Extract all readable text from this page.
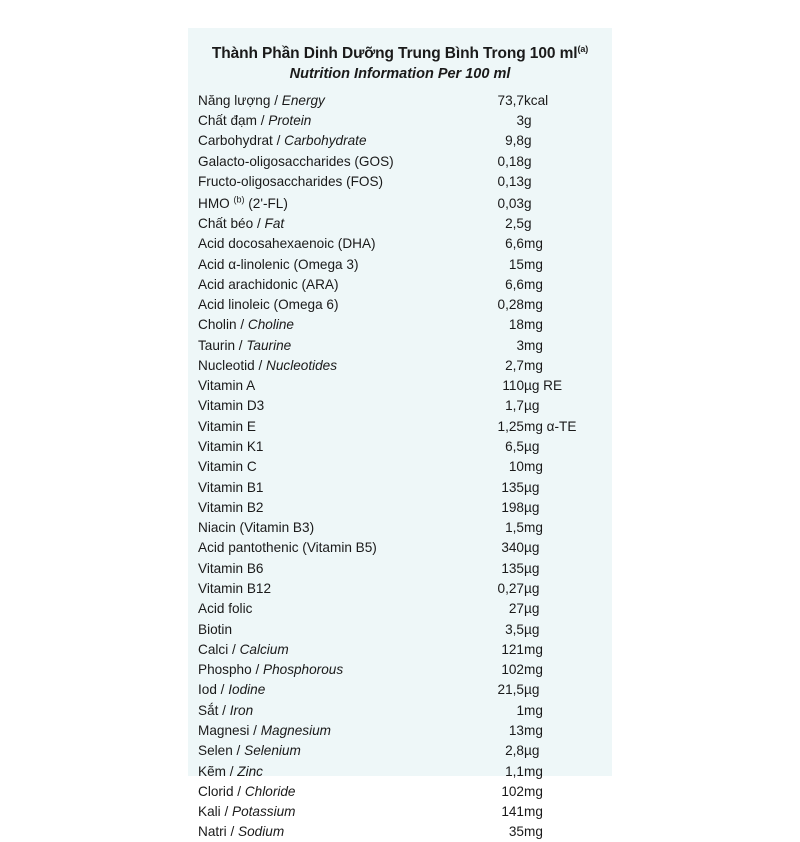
Thành Phần Dinh Dưỡng Trung Bình Trong 100 $ml^{(a)}$
Nutrition Information Per 100 ml
Năng lượng / Energy	73,7	kcal
Chất đạm / Protein	3	g
Carbohydrat / Carbohydrate	9,8	g
Galacto-oligosaccharides (GOS)	0,18	g
Fructo-oligosaccharides (FOS)	0,13	g
HMO $^{(b)}$ (2'-FL)	0,03	g
Chất béo / Fat	2,5	g
Acid docosahexaenoic (DHA)	6,6	mg
Acid α-linolenic (Omega 3)	15	mg
Acid arachidonic (ARA)	6,6	mg
Acid linoleic (Omega 6)	0,28	mg
Cholin / Choline	18	mg
Taurin / Taurine	3	mg
Nucleotid / Nucleotides	2,7	mg
Vitamin A	110	µg RE
Vitamin D3	1,7	µg
Vitamin E	1,25	mg α-TE
Vitamin K1	6,5	µg
Vitamin C	10	mg
Vitamin B1	135	µg
Vitamin B2	198	µg
Niacin (Vitamin B3)	1,5	mg
Acid pantothenic (Vitamin B5)	340	µg
Vitamin B6	135	µg
Vitamin B12	0,27	µg
Acid folic	27	µg
Biotin	3,5	µg
Calci / Calcium	121	mg
Phospho / Phosphorous	102	mg
Iod / Iodine	21,5	µg
Sắt / Iron	1	mg
Magnesi / Magnesium	13	mg
Selen / Selenium	2,8	µg
Kẽm / Zinc	1,1	mg
Clorid / Chloride	102	mg
Kali / Potassium	141	mg
Natri / Sodium	35	mg
